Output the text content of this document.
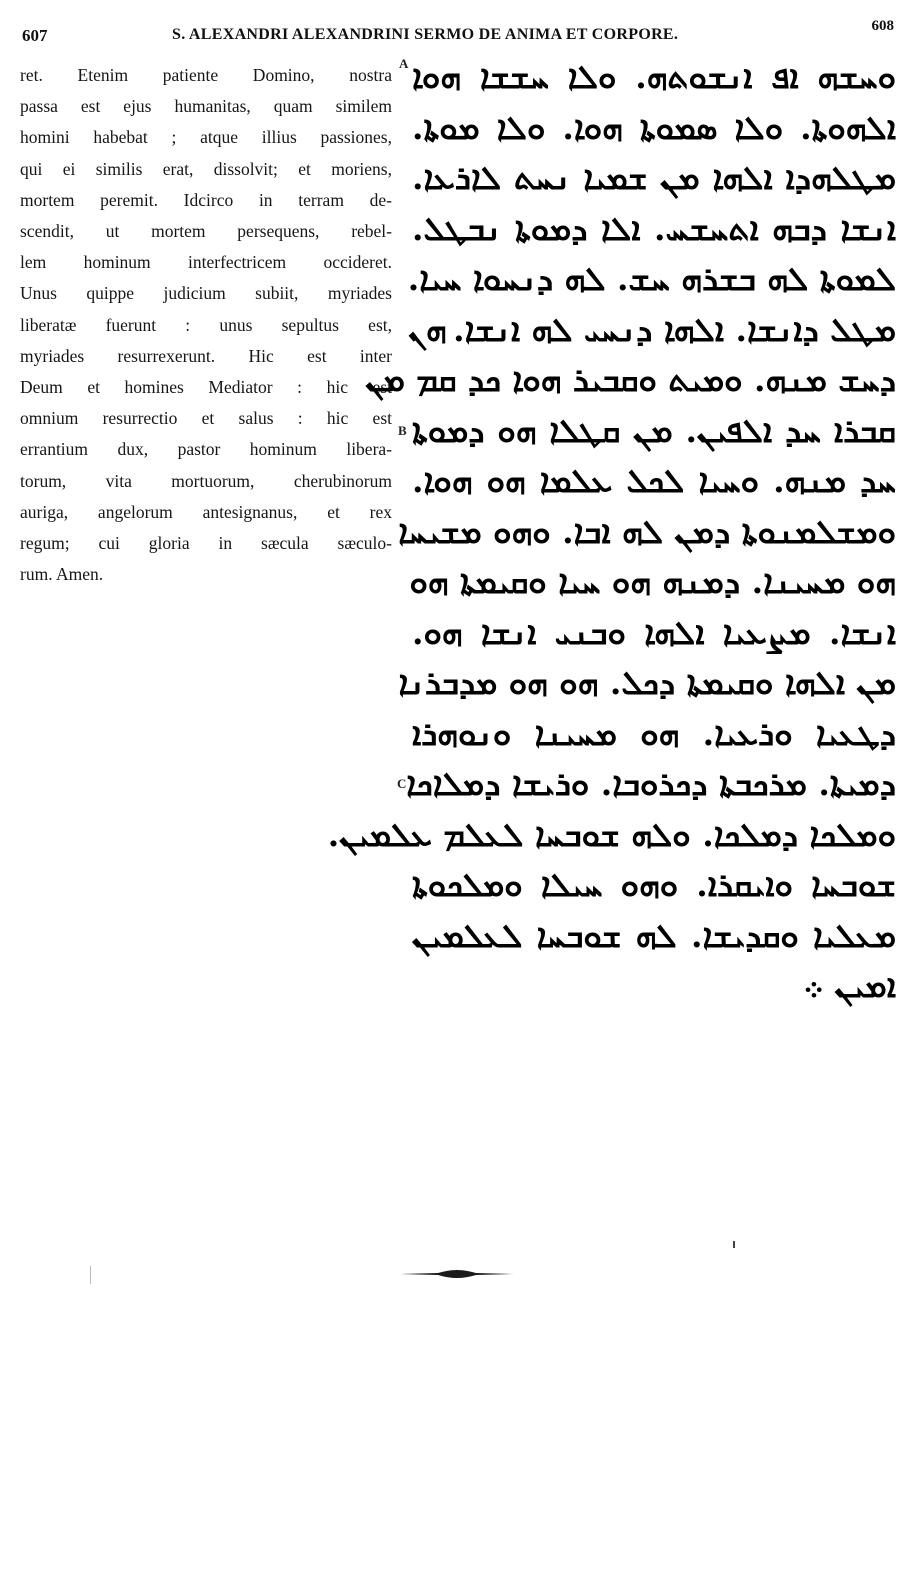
607	S. ALEXANDRI ALEXANDRINI SERMO DE ANIMA ET CORPORE.	608
ret. Etenim patiente Domino, nostra
passa est ejus humanitas, quam similem
homini habebat ; atque illius passiones,
qui ei similis erat, dissolvit; et moriens,
mortem peremit. Idcirco in terram de-
scendit, ut mortem persequens, rebel-
lem hominum interfectricem occideret.
Unus quippe judicium subiit, myriades
liberatæ fuerunt : unus sepultus est,
myriades resurrexerunt. Hic est inter
Deum et homines Mediator : hic est
omnium resurrectio et salus : hic est
errantium dux, pastor hominum libera-
torum, vita mortuorum, cherubinorum
auriga, angelorum antesignanus, et rex
regum; cui gloria in sæcula sæculo-
rum. Amen.
A
B
C
ܘܚܫܗ ܐܦ ܐܢܫܘܬܗ. ܘܠܐ ܚܫܫܐ ܗܘܐ
ܐܠܗܘܬܐ. ܘܠܐ ܣܡܘܬܐ ܗܘܐ. ܘܠܐ ܡܘܬܐ.
ܡܛܠܗܕܐ ܐܠܗܐ ܡܢ ܫܡܝܐ ܢܚܬ ܠܐܪܥܐ.
ܐܢܫܐ ܕܒܗ ܐܬܚܫܚ. ܐܠܐ ܕܡܘܬܐ ܢܒܛܠ.
ܠܡܘܬܐ ܠܗ ܒܫܪܗ ܚܫ. ܠܗ ܕܢܚܘܐ ܚܝܐ.
ܡܛܠ ܕܐܢܫܐ. ܐܠܗܐ ܕܢܚܝ ܠܗ ܐܢܫܐ. ܗܢ
ܕܚܫ ܡܢܗ. ܘܡܝܬ ܘܩܒܝܪ ܗܘܐ ܟܕ ܩܡ ܡܢ
ܩܒܪܐ ܚܕ ܐܠܦܝܢ. ܡܢ ܩܛܠܐ ܗܘ ܕܡܘܬܐ
ܚܕ ܡܢܗ. ܘܚܝܐ ܠܟܠ ܥܠܡܐ ܗܘ ܗܘܐ.
ܘܡܫܠܡܢܘܬܐ ܕܡܢ ܠܗ ܐܒܐ. ܘܗܘ ܡܫܝܚܐ
ܗܘ ܡܚܝܢܐ. ܕܡܢܗ ܗܘ ܚܝܐ ܘܩܝܡܬܐ ܗܘ
ܐܢܫܐ. ܡܨܥܝܐ ܐܠܗܐ ܘܒܢܝ ܐܢܫܐ ܗܘ.
ܡܢ ܐܠܗܐ ܘܩܝܡܬܐ ܕܟܠ. ܗܘ ܗܘ ܡܕܒܪܢܐ
ܕܛܥܝܐ ܘܪܥܝܐ. ܗܘ ܡܚܝܢܐ ܘܢܘܗܪܐ
ܕܡܝܬܐ. ܡܪܟܒܬܐ ܕܟܪܘܒܐ. ܘܪܝܫܐ ܕܡܠܐܟܐ
ܘܡܠܟܐ ܕܡܠܟܐ. ܘܠܗ ܫܘܒܚܐ ܠܥܠܡ ܥܠܡܝܢ.
ܫܘܒܚܐ ܘܐܝܩܪܐ. ܘܗܘ ܚܝܠܐ ܘܡܠܟܘܬܐ
ܡܥܠܝܐ ܘܩܕܝܫܐ. ܠܗ ܫܘܒܚܐ ܠܥܠܡܝܢ
ܐܡܝܢ ܀
